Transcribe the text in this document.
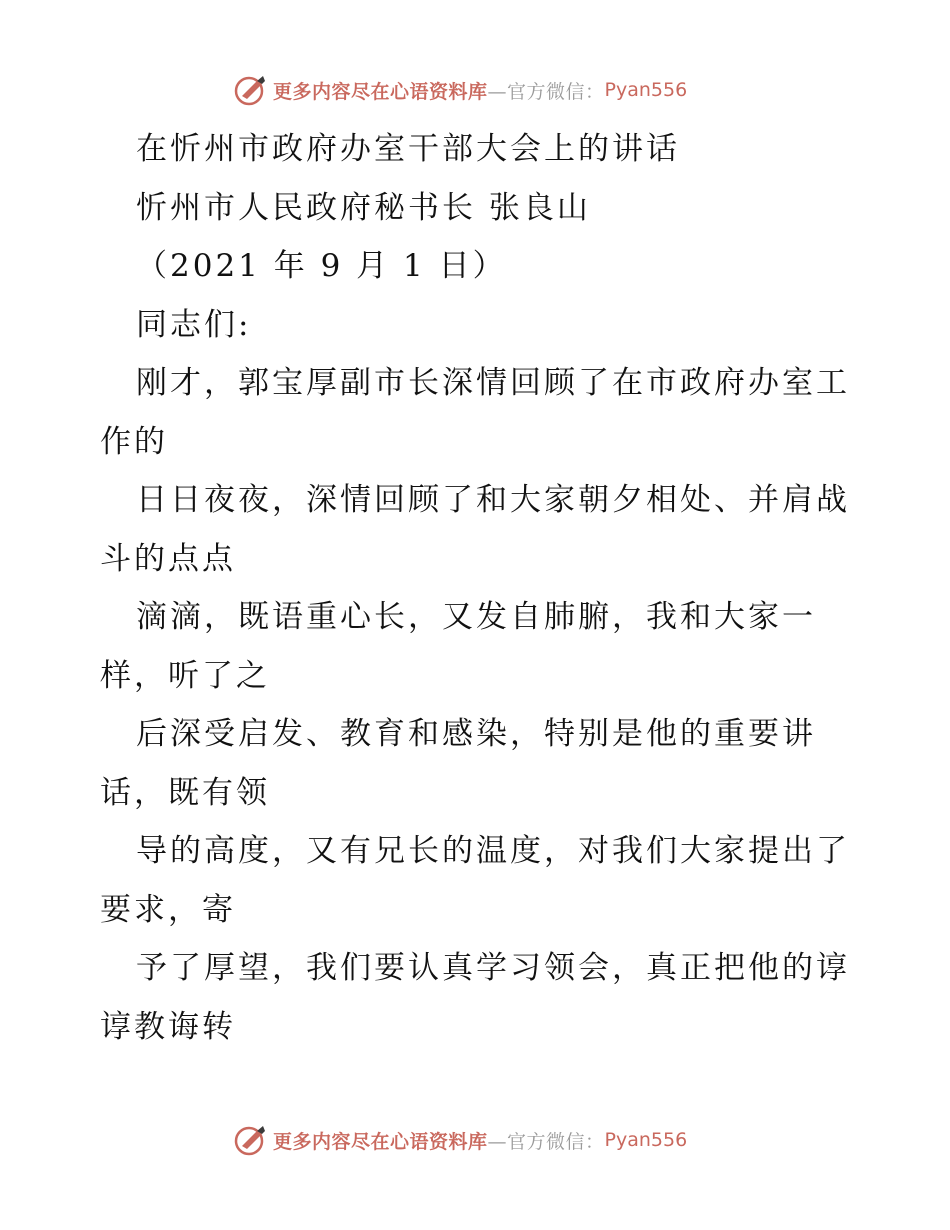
更多内容尽在心语资料库 —官方微信： Pyan556
在忻州市政府办室干部大会上的讲话
忻州市人民政府秘书长 张良山
（2021 年 9 月 1 日）
同志们:
刚才，郭宝厚副市长深情回顾了在市政府办室工
作的
日日夜夜，深情回顾了和大家朝夕相处、并肩战
斗的点点
滴滴，既语重心长，又发自肺腑，我和大家一
样，听了之
后深受启发、教育和感染，特别是他的重要讲
话，既有领
导的高度，又有兄长的温度，对我们大家提出了
要求，寄
予了厚望，我们要认真学习领会，真正把他的谆
谆教诲转
更多内容尽在心语资料库 —官方微信： Pyan556
